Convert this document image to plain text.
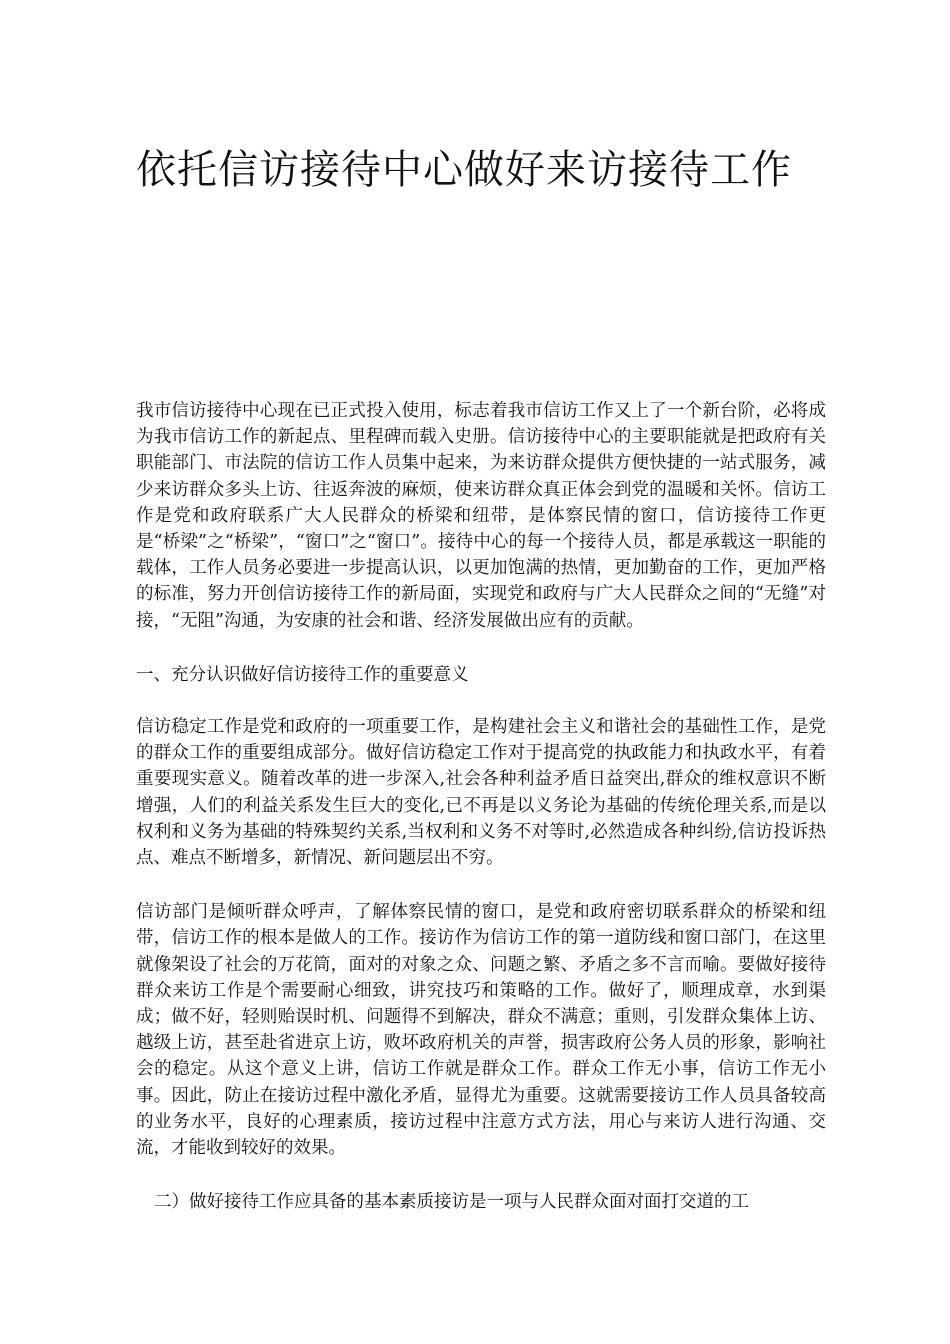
依托信访接待中心做好来访接待工作

我市信访接待中心现在已正式投入使用，标志着我市信访工作又上了一个新台阶，必将成为我市信访工作的新起点、里程碑而载入史册。信访接待中心的主要职能就是把政府有关职能部门、市法院的信访工作人员集中起来，为来访群众提供方便快捷的一站式服务，减少来访群众多头上访、往返奔波的麻烦，使来访群众真正体会到党的温暖和关怀。信访工作是党和政府联系广大人民群众的桥梁和纽带，是体察民情的窗口，信访接待工作更是“桥梁”之“桥梁”，“窗口”之“窗口”。接待中心的每一个接待人员，都是承载这一职能的载体，工作人员务必要进一步提高认识，以更加饱满的热情，更加勤奋的工作，更加严格的标准，努力开创信访接待工作的新局面，实现党和政府与广大人民群众之间的“无缝”对接，“无阻”沟通，为安康的社会和谐、经济发展做出应有的贡献。

一、充分认识做好信访接待工作的重要意义

信访稳定工作是党和政府的一项重要工作，是构建社会主义和谐社会的基础性工作，是党的群众工作的重要组成部分。做好信访稳定工作对于提高党的执政能力和执政水平，有着重要现实意义。随着改革的进一步深入,社会各种利益矛盾日益突出,群众的维权意识不断增强，人们的利益关系发生巨大的变化,已不再是以义务论为基础的传统伦理关系,而是以权利和义务为基础的特殊契约关系,当权利和义务不对等时,必然造成各种纠纷,信访投诉热点、难点不断增多，新情况、新问题层出不穷。

信访部门是倾听群众呼声，了解体察民情的窗口，是党和政府密切联系群众的桥梁和纽带，信访工作的根本是做人的工作。接访作为信访工作的第一道防线和窗口部门，在这里就像架设了社会的万花筒，面对的对象之众、问题之繁、矛盾之多不言而喻。要做好接待群众来访工作是个需要耐心细致，讲究技巧和策略的工作。做好了，顺理成章，水到渠成；做不好，轻则贻误时机、问题得不到解决，群众不满意；重则，引发群众集体上访、越级上访，甚至赴省进京上访，败坏政府机关的声誉，损害政府公务人员的形象，影响社会的稳定。从这个意义上讲，信访工作就是群众工作。群众工作无小事，信访工作无小事。因此，防止在接访过程中激化矛盾，显得尤为重要。这就需要接访工作人员具备较高的业务水平，良好的心理素质，接访过程中注意方式方法，用心与来访人进行沟通、交流，才能收到较好的效果。

二）做好接待工作应具备的基本素质接访是一项与人民群众面对面打交道的工
